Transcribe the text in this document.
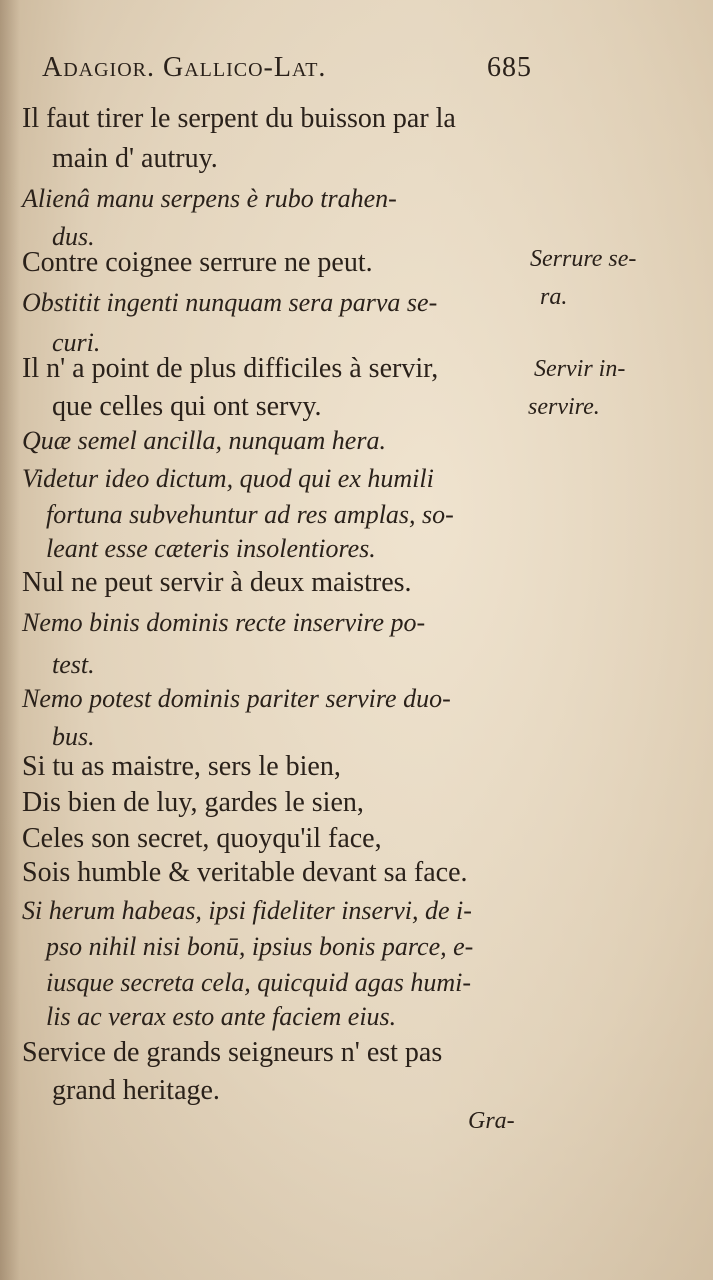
Adagior. Gallico-Lat.	685
Il faut tirer le serpent du buisson par la
main d' autruy.
Alienâ manu serpens è rubo trahen-
dus.
Contre coignee serrure ne peut.
Obstitit ingenti nunquam sera parva se-
curi.
Il n' a point de plus difficiles à servir,
que celles qui ont servy.
Quæ semel ancilla, nunquam hera.
Videtur ideo dictum, quod qui ex humili
fortuna subvehuntur ad res amplas, so-
leant esse cæteris insolentiores.
Nul ne peut servir à deux maistres.
Nemo binis dominis recte inservire po-
test.
Nemo potest dominis pariter servire duo-
bus.
Si tu as maistre, sers le bien,
Dis bien de luy, gardes le sien,
Celes son secret, quoyqu'il face,
Sois humble & veritable devant sa face.
Si herum habeas, ipsi fideliter inservi, de i-
pso nihil nisi bonū, ipsius bonis parce, e-
iusque secreta cela, quicquid agas humi-
lis ac verax esto ante faciem eius.
Service de grands seigneurs n' est pas
grand heritage.
Serrure se-
ra.
Servir in-
servire.
Gra-
